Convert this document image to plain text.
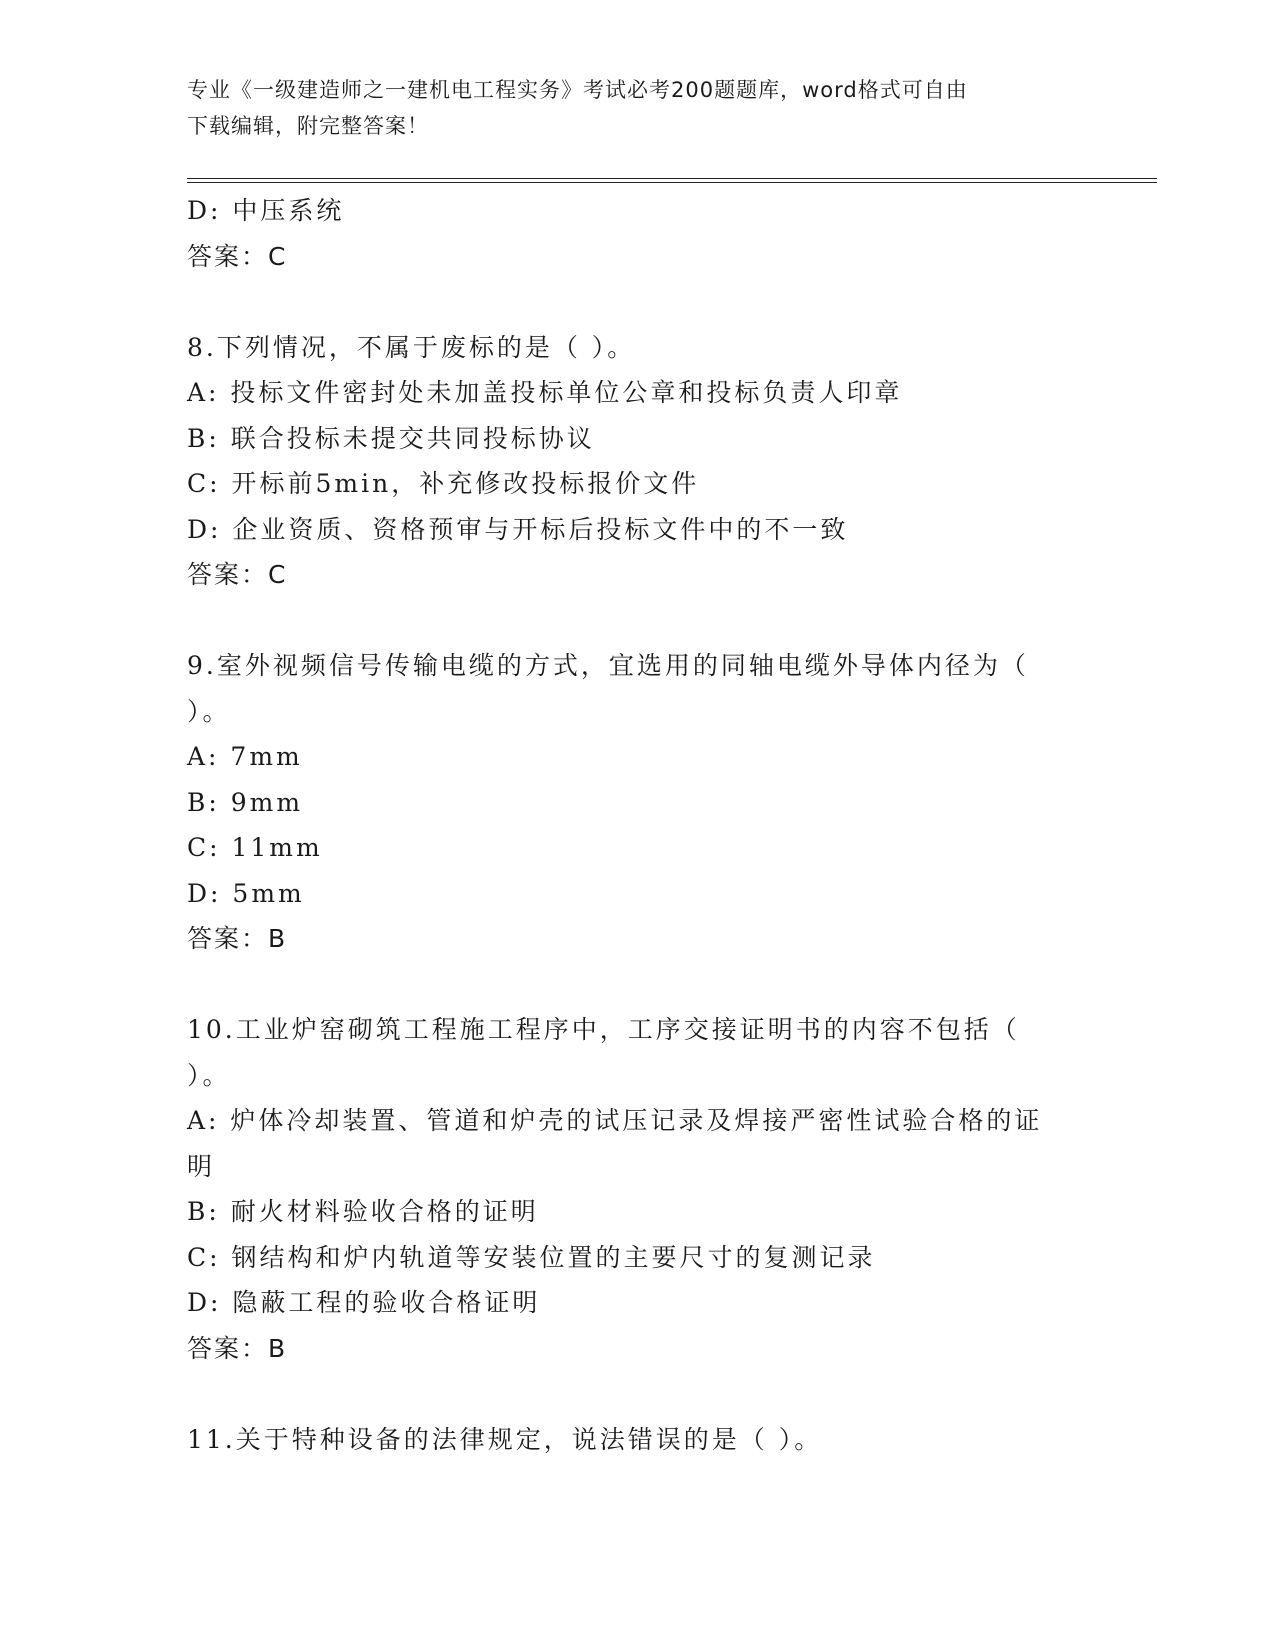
专业《一级建造师之一建机电工程实务》考试必考200题题库，word格式可自由
下载编辑，附完整答案！
D: 中压系统
答案：C
8.下列情况，不属于废标的是（ ）。
A: 投标文件密封处未加盖投标单位公章和投标负责人印章
B: 联合投标未提交共同投标协议
C: 开标前5min，补充修改投标报价文件
D: 企业资质、资格预审与开标后投标文件中的不一致
答案：C
9.室外视频信号传输电缆的方式，宜选用的同轴电缆外导体内径为（
）。
A: 7mm
B: 9mm
C: 11mm
D: 5mm
答案：B
10.工业炉窑砌筑工程施工程序中，工序交接证明书的内容不包括（
）。
A: 炉体冷却装置、管道和炉壳的试压记录及焊接严密性试验合格的证
明
B: 耐火材料验收合格的证明
C: 钢结构和炉内轨道等安装位置的主要尺寸的复测记录
D: 隐蔽工程的验收合格证明
答案：B
11.关于特种设备的法律规定，说法错误的是（ ）。
